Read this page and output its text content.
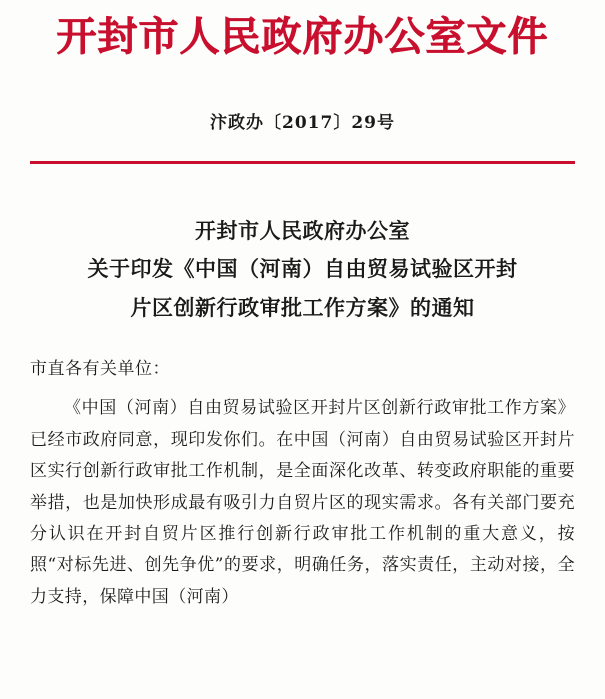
开封市人民政府办公室文件
汴政办〔2017〕29号
开封市人民政府办公室
关于印发《中国（河南）自由贸易试验区开封
片区创新行政审批工作方案》的通知
市直各有关单位：
《中国（河南）自由贸易试验区开封片区创新行政审批工作方案》已经市政府同意，现印发你们。在中国（河南）自由贸易试验区开封片区实行创新行政审批工作机制，是全面深化改革、转变政府职能的重要举措，也是加快形成最有吸引力自贸片区的现实需求。各有关部门要充分认识在开封自贸片区推行创新行政审批工作机制的重大意义，按照“对标先进、创先争优”的要求，明确任务，落实责任，主动对接，全力支持，保障中国（河南）
